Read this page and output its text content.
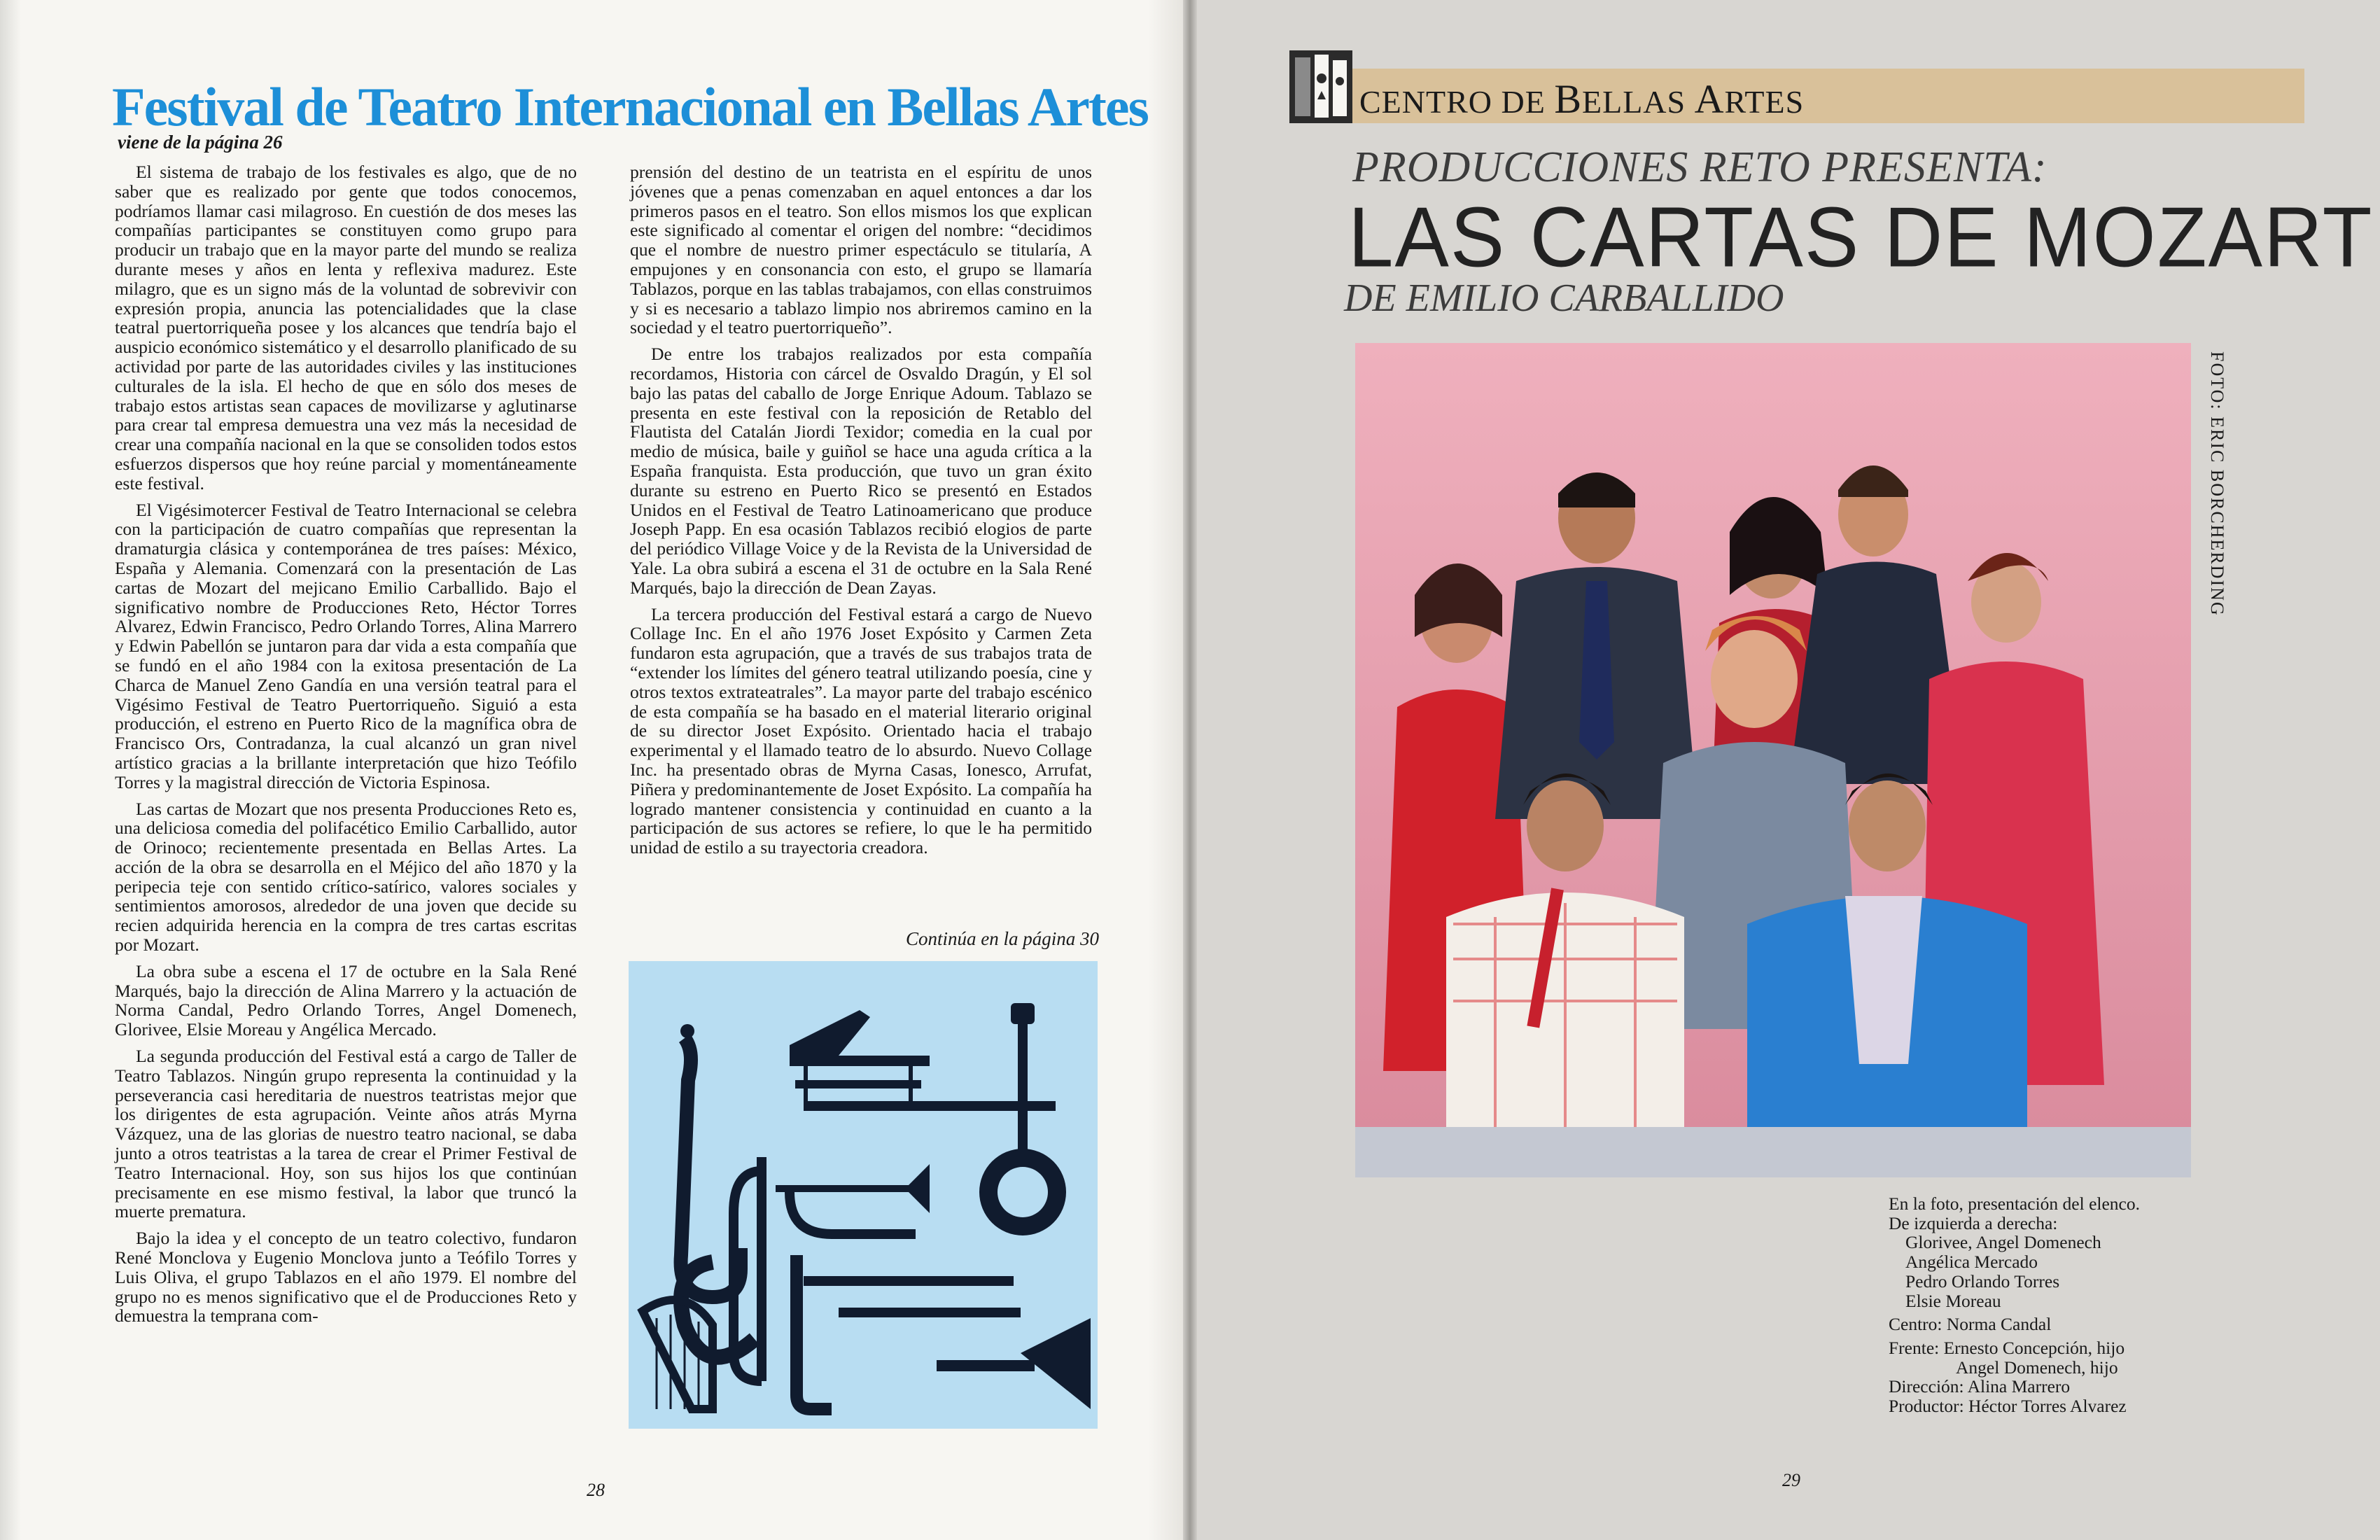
Festival de Teatro Internacional en Bellas Artes
viene de la página 26

El sistema de trabajo de los festivales es algo, que de no saber que es realizado por gente que todos conocemos, podríamos llamar casi milagroso. En cuestión de dos meses las compañías participantes se constituyen como grupo para producir un trabajo que en la mayor parte del mundo se realiza durante meses y años en lenta y reflexiva madurez. Este milagro, que es un signo más de la voluntad de sobrevivir con expresión propia, anuncia las potencialidades que la clase teatral puertorriqueña posee y los alcances que tendría bajo el auspicio económico sistemático y el desarrollo planificado de su actividad por parte de las autoridades civiles y las instituciones culturales de la isla. El hecho de que en sólo dos meses de trabajo estos artistas sean capaces de movilizarse y aglutinarse para crear tal empresa demuestra una vez más la necesidad de crear una compañía nacional en la que se consoliden todos estos esfuerzos dispersos que hoy reúne parcial y momentáneamente este festival.

El Vigésimotercer Festival de Teatro Internacional se celebra con la participación de cuatro compañías que representan la dramaturgia clásica y contemporánea de tres países: México, España y Alemania. Comenzará con la presentación de Las cartas de Mozart del mejicano Emilio Carballido. Bajo el significativo nombre de Producciones Reto, Héctor Torres Alvarez, Edwin Francisco, Pedro Orlando Torres, Alina Marrero y Edwin Pabellón se juntaron para dar vida a esta compañía que se fundó en el año 1984 con la exitosa presentación de La Charca de Manuel Zeno Gandía en una versión teatral para el Vigésimo Festival de Teatro Puertorriqueño. Siguió a esta producción, el estreno en Puerto Rico de la magnífica obra de Francisco Ors, Contradanza, la cual alcanzó un gran nivel artístico gracias a la brillante interpretación que hizo Teófilo Torres y la magistral dirección de Victoria Espinosa.

Las cartas de Mozart que nos presenta Producciones Reto es, una deliciosa comedia del polifacético Emilio Carballido, autor de Orinoco; recientemente presentada en Bellas Artes. La acción de la obra se desarrolla en el Méjico del año 1870 y la peripecia teje con sentido crítico-satírico, valores sociales y sentimientos amorosos, alrededor de una joven que decide su recien adquirida herencia en la compra de tres cartas escritas por Mozart.

La obra sube a escena el 17 de octubre en la Sala René Marqués, bajo la dirección de Alina Marrero y la actuación de Norma Candal, Pedro Orlando Torres, Angel Domenech, Glorivee, Elsie Moreau y Angélica Mercado.

La segunda producción del Festival está a cargo de Taller de Teatro Tablazos. Ningún grupo representa la continuidad y la perseverancia casi hereditaria de nuestros teatristas mejor que los dirigentes de esta agrupación. Veinte años atrás Myrna Vázquez, una de las glorias de nuestro teatro nacional, se daba junto a otros teatristas a la tarea de crear el Primer Festival de Teatro Internacional. Hoy, son sus hijos los que continúan precisamente en ese mismo festival, la labor que truncó la muerte prematura.

Bajo la idea y el concepto de un teatro colectivo, fundaron René Monclova y Eugenio Monclova junto a Teófilo Torres y Luis Oliva, el grupo Tablazos en el año 1979. El nombre del grupo no es menos significativo que el de Producciones Reto y demuestra la temprana com-

prensión del destino de un teatrista en el espíritu de unos jóvenes que a penas comenzaban en aquel entonces a dar los primeros pasos en el teatro. Son ellos mismos los que explican este significado al comentar el origen del nombre: “decidimos que el nombre de nuestro primer espectáculo se titularía, A empujones y en consonancia con esto, el grupo se llamaría Tablazos, porque en las tablas trabajamos, con ellas construimos y si es necesario a tablazo limpio nos abriremos camino en la sociedad y el teatro puertorriqueño”.

De entre los trabajos realizados por esta compañía recordamos, Historia con cárcel de Osvaldo Dragún, y El sol bajo las patas del caballo de Jorge Enrique Adoum. Tablazo se presenta en este festival con la reposición de Retablo del Flautista del Catalán Jiordi Texidor; comedia en la cual por medio de música, baile y guiñol se hace una aguda crítica a la España franquista. Esta producción, que tuvo un gran éxito durante su estreno en Puerto Rico se presentó en Estados Unidos en el Festival de Teatro Latinoamericano que produce Joseph Papp. En esa ocasión Tablazos recibió elogios de parte del periódico Village Voice y de la Revista de la Universidad de Yale. La obra subirá a escena el 31 de octubre en la Sala René Marqués, bajo la dirección de Dean Zayas.

La tercera producción del Festival estará a cargo de Nuevo Collage Inc. En el año 1976 Joset Expósito y Carmen Zeta fundaron esta agrupación, que a través de sus trabajos trata de “extender los límites del género teatral utilizando poesía, cine y otros textos extrateatrales”. La mayor parte del trabajo escénico de esta compañía se ha basado en el material literario original de su director Joset Expósito. Orientado hacia el trabajo experimental y el llamado teatro de lo absurdo. Nuevo Collage Inc. ha presentado obras de Myrna Casas, Ionesco, Arrufat, Piñera y predominantemente de Joset Expósito. La compañía ha logrado mantener consistencia y continuidad en cuanto a la participación de sus actores se refiere, lo que le ha permitido unidad de estilo a su trayectoria creadora.

Continúa en la página 30
28
CENTRO DE BELLAS ARTES
PRODUCCIONES RETO PRESENTA:
LAS CARTAS DE MOZART
DE EMILIO CARBALLIDO
FOTO: ERIC BORCHERDING
En la foto, presentación del elenco.
De izquierda a derecha:
Glorivee, Angel Domenech
Angélica Mercado
Pedro Orlando Torres
Elsie Moreau
Centro: Norma Candal
Frente: Ernesto Concepción, hijo
Angel Domenech, hijo
Dirección: Alina Marrero
Productor: Héctor Torres Alvarez
29
